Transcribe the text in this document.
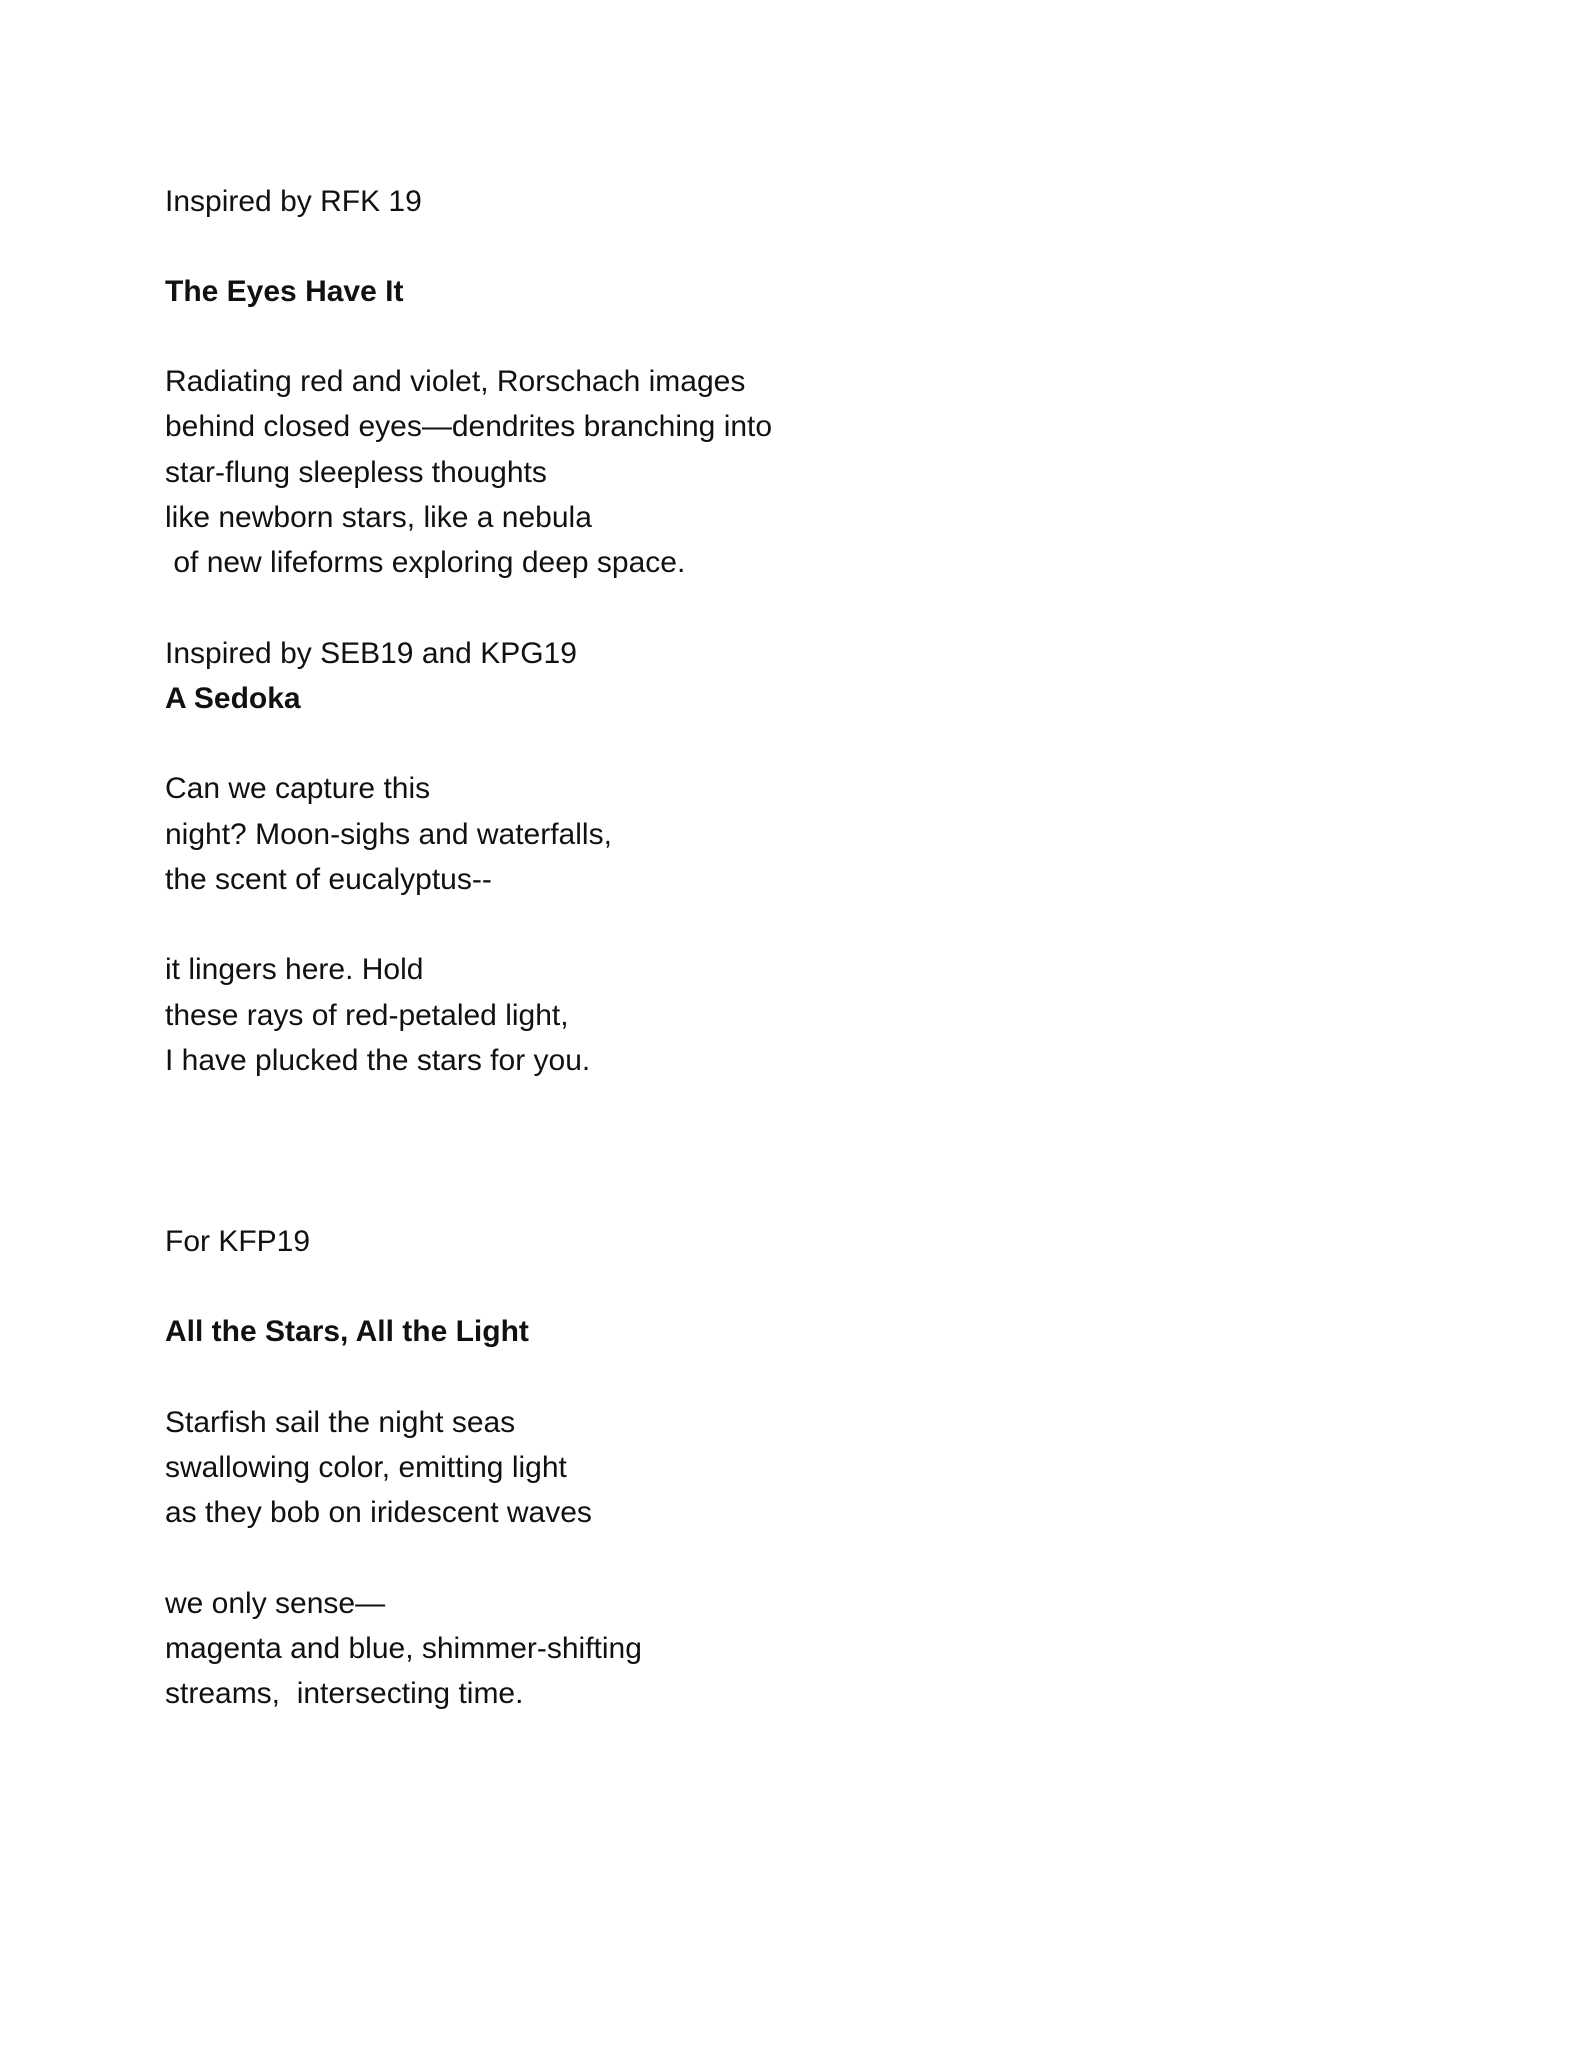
Inspired by RFK 19

The Eyes Have It

Radiating red and violet, Rorschach images

behind closed eyes—dendrites branching into

star-flung sleepless thoughts

like newborn stars, like a nebula

of new lifeforms exploring deep space.

Inspired by SEB19 and KPG19

A Sedoka

Can we capture this

night? Moon-sighs and waterfalls,

the scent of eucalyptus--

it lingers here. Hold

these rays of red-petaled light,

I have plucked the stars for you.

For KFP19

All the Stars, All the Light

Starfish sail the night seas

swallowing color, emitting light

as they bob on iridescent waves

we only sense—

magenta and blue, shimmer-shifting

streams,  intersecting time.
